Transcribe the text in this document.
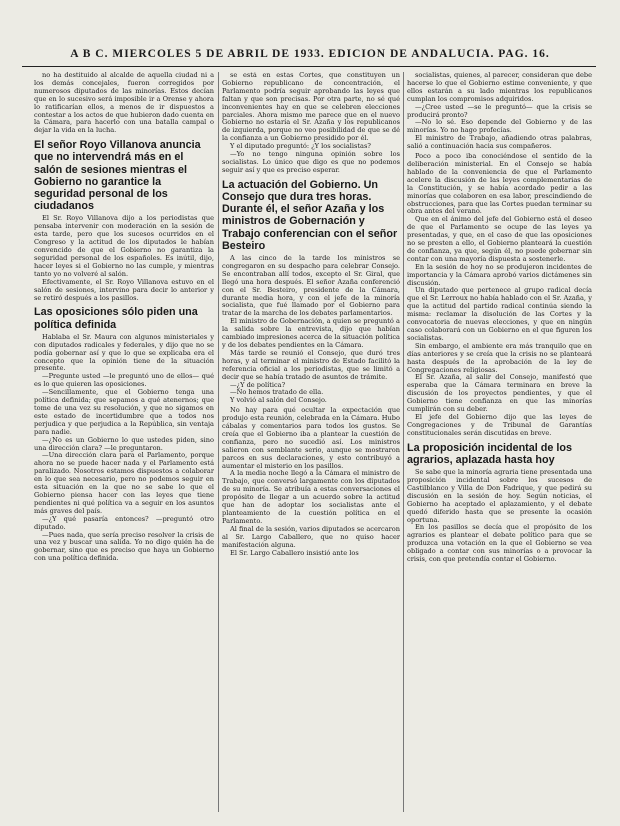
A B C. MIERCOLES 5 DE ABRIL DE 1933. EDICION DE ANDALUCIA. PAG. 16.

no ha destituido al alcalde de aquella ciudad ni a los demás concejales, fueron corregidos por numerosos diputados de las minorías. Estos decían que en lo sucesivo será imposible ir a Orense y ahora lo ratificarían ellos, a menos de ir dispuestos a contestar a los actos de que hubieron dado cuenta en la Cámara, para hacerlo con una batalla campal o dejar la vida en la lucha.

El señor Royo Villanova anuncia que no intervendrá más en el salón de sesiones mientras el Gobierno no garantice la seguridad personal de los ciudadanos

El Sr. Royo Villanova dijo a los periodistas que pensaba intervenir con moderación en la sesión de esta tarde, pero que los sucesos ocurridos en el Congreso y la actitud de los diputados le habían convencido de que el Gobierno no garantiza la seguridad personal de los españoles. Es inútil, dijo, hacer leyes si el Gobierno no las cumple, y mientras tanto yo no volveré al salón.

Efectivamente, el Sr. Royo Villanova estuvo en el salón de sesiones, intervino para decir lo anterior y se retiró después a los pasillos.

Las oposiciones sólo piden una política definida

Hablaba el Sr. Maura con algunos ministeriales y con diputados radicales y federales, y dijo que no se podía gobernar así y que lo que se explicaba era el concepto que la opinión tiene de la situación presente.

—Pregunte usted —le preguntó uno de ellos— qué es lo que quieren las oposiciones.

—Sencillamente, que el Gobierno tenga una política definida; que sepamos a qué atenernos; que tome de una vez su resolución, y que no sigamos en este estado de incertidumbre que a todos nos perjudica y que perjudica a la República, sin ventaja para nadie.

—¿No es un Gobierno lo que ustedes piden, sino una dirección clara? —le preguntaron.

—Una dirección clara para el Parlamento, porque ahora no se puede hacer nada y el Parlamento está paralizado. Nosotros estamos dispuestos a colaborar en lo que sea necesario, pero no podemos seguir en esta situación en la que no se sabe lo que el Gobierno piensa hacer con las leyes que tiene pendientes ni qué política va a seguir en los asuntos más graves del país.

—¿Y qué pasaría entonces? —preguntó otro diputado.

—Pues nada, que sería preciso resolver la crisis de una vez y buscar una salida. Yo no digo quién ha de gobernar, sino que es preciso que haya un Gobierno con una política definida.

se está en estas Cortes, que constituyen un Gobierno republicano de concentración, el Parlamento podría seguir aprobando las leyes que faltan y que son precisas. Por otra parte, no sé qué inconvenientes hay en que se celebren elecciones parciales. Ahora mismo me parece que en el nuevo Gobierno no estaría el Sr. Azaña y los republicanos de izquierda, porque no veo posibilidad de que se dé la confianza a un Gobierno presidido por él.

Y el diputado preguntó: ¿Y los socialistas?

—Yo no tengo ninguna opinión sobre los socialistas. Lo único que digo es que no podemos seguir así y que es preciso esperar.

La actuación del Gobierno. Un Consejo que dura tres horas. Durante él, el señor Azaña y los ministros de Gobernación y Trabajo conferencian con el señor Besteiro

A las cinco de la tarde los ministros se congregaron en su despacho para celebrar Consejo. Se encontraban allí todos, excepto el Sr. Giral, que llegó una hora después. El señor Azaña conferenció con el Sr. Besteiro, presidente de la Cámara, durante media hora, y con el jefe de la minoría socialista, que fué llamado por el Gobierno para tratar de la marcha de los debates parlamentarios.

El ministro de Gobernación, a quien se preguntó a la salida sobre la entrevista, dijo que habían cambiado impresiones acerca de la situación política y de los debates pendientes en la Cámara.

Más tarde se reunió el Consejo, que duró tres horas, y al terminar el ministro de Estado facilitó la referencia oficial a los periodistas, que se limitó a decir que se había tratado de asuntos de trámite.

—¿Y de política?

—No hemos tratado de ella.

Y volvió al salón del Consejo.

No hay para qué ocultar la expectación que produjo esta reunión, celebrada en la Cámara. Hubo cábalas y comentarios para todos los gustos. Se creía que el Gobierno iba a plantear la cuestión de confianza, pero no sucedió así. Los ministros salieron con semblante serio, aunque se mostraron parcos en sus declaraciones, y esto contribuyó a aumentar el misterio en los pasillos.

A la media noche llegó a la Cámara el ministro de Trabajo, que conversó largamente con los diputados de su minoría. Se atribuía a estas conversaciones el propósito de llegar a un acuerdo sobre la actitud que han de adoptar los socialistas ante el planteamiento de la cuestión política en el Parlamento.

Al final de la sesión, varios diputados se acercaron al Sr. Largo Caballero, que no quiso hacer manifestación alguna.

El Sr. Largo Caballero insistió ante los

socialistas, quienes, al parecer, consideran que debe hacerse lo que el Gobierno estime conveniente, y que ellos estarán a su lado mientras los republicanos cumplan los compromisos adquiridos.

—¿Cree usted —se le preguntó— que la crisis se producirá pronto?

—No lo sé. Eso depende del Gobierno y de las minorías. Yo no hago profecías.

El ministro de Trabajo, añadiendo otras palabras, salió a continuación hacia sus compañeros.

Poco a poco iba conociéndose el sentido de la deliberación ministerial. En el Consejo se había hablado de la conveniencia de que el Parlamento acelere la discusión de las leyes complementarias de la Constitución, y se había acordado pedir a las minorías que colaboren en esa labor, prescindiendo de obstrucciones, para que las Cortes puedan terminar su obra antes del verano.

Que en el ánimo del jefe del Gobierno está el deseo de que el Parlamento se ocupe de las leyes ya presentadas, y que, en el caso de que las oposiciones no se presten a ello, el Gobierno planteará la cuestión de confianza, ya que, según él, no puede gobernar sin contar con una mayoría dispuesta a sostenerle.

En la sesión de hoy no se produjeron incidentes de importancia y la Cámara aprobó varios dictámenes sin discusión.

Un diputado que pertenece al grupo radical decía que el Sr. Lerroux no había hablado con el Sr. Azaña, y que la actitud del partido radical continúa siendo la misma: reclamar la disolución de las Cortes y la convocatoria de nuevas elecciones, y que en ningún caso colaborará con un Gobierno en el que figuren los socialistas.

Sin embargo, el ambiente era más tranquilo que en días anteriores y se creía que la crisis no se planteará hasta después de la aprobación de la ley de Congregaciones religiosas.

El Sr. Azaña, al salir del Consejo, manifestó que esperaba que la Cámara terminara en breve la discusión de los proyectos pendientes, y que el Gobierno tiene confianza en que las minorías cumplirán con su deber.

El jefe del Gobierno dijo que las leyes de Congregaciones y de Tribunal de Garantías constitucionales serán discutidas en breve.

La proposición incidental de los agrarios, aplazada hasta hoy

Se sabe que la minoría agraria tiene presentada una proposición incidental sobre los sucesos de Castilblanco y Villa de Don Fadrique, y que pedirá su discusión en la sesión de hoy. Según noticias, el Gobierno ha aceptado el aplazamiento, y el debate quedó diferido hasta que se presente la ocasión oportuna.

En los pasillos se decía que el propósito de los agrarios es plantear el debate político para que se produzca una votación en la que el Gobierno se vea obligado a contar con sus minorías o a provocar la crisis, con que pretendía contar el Gobierno.
